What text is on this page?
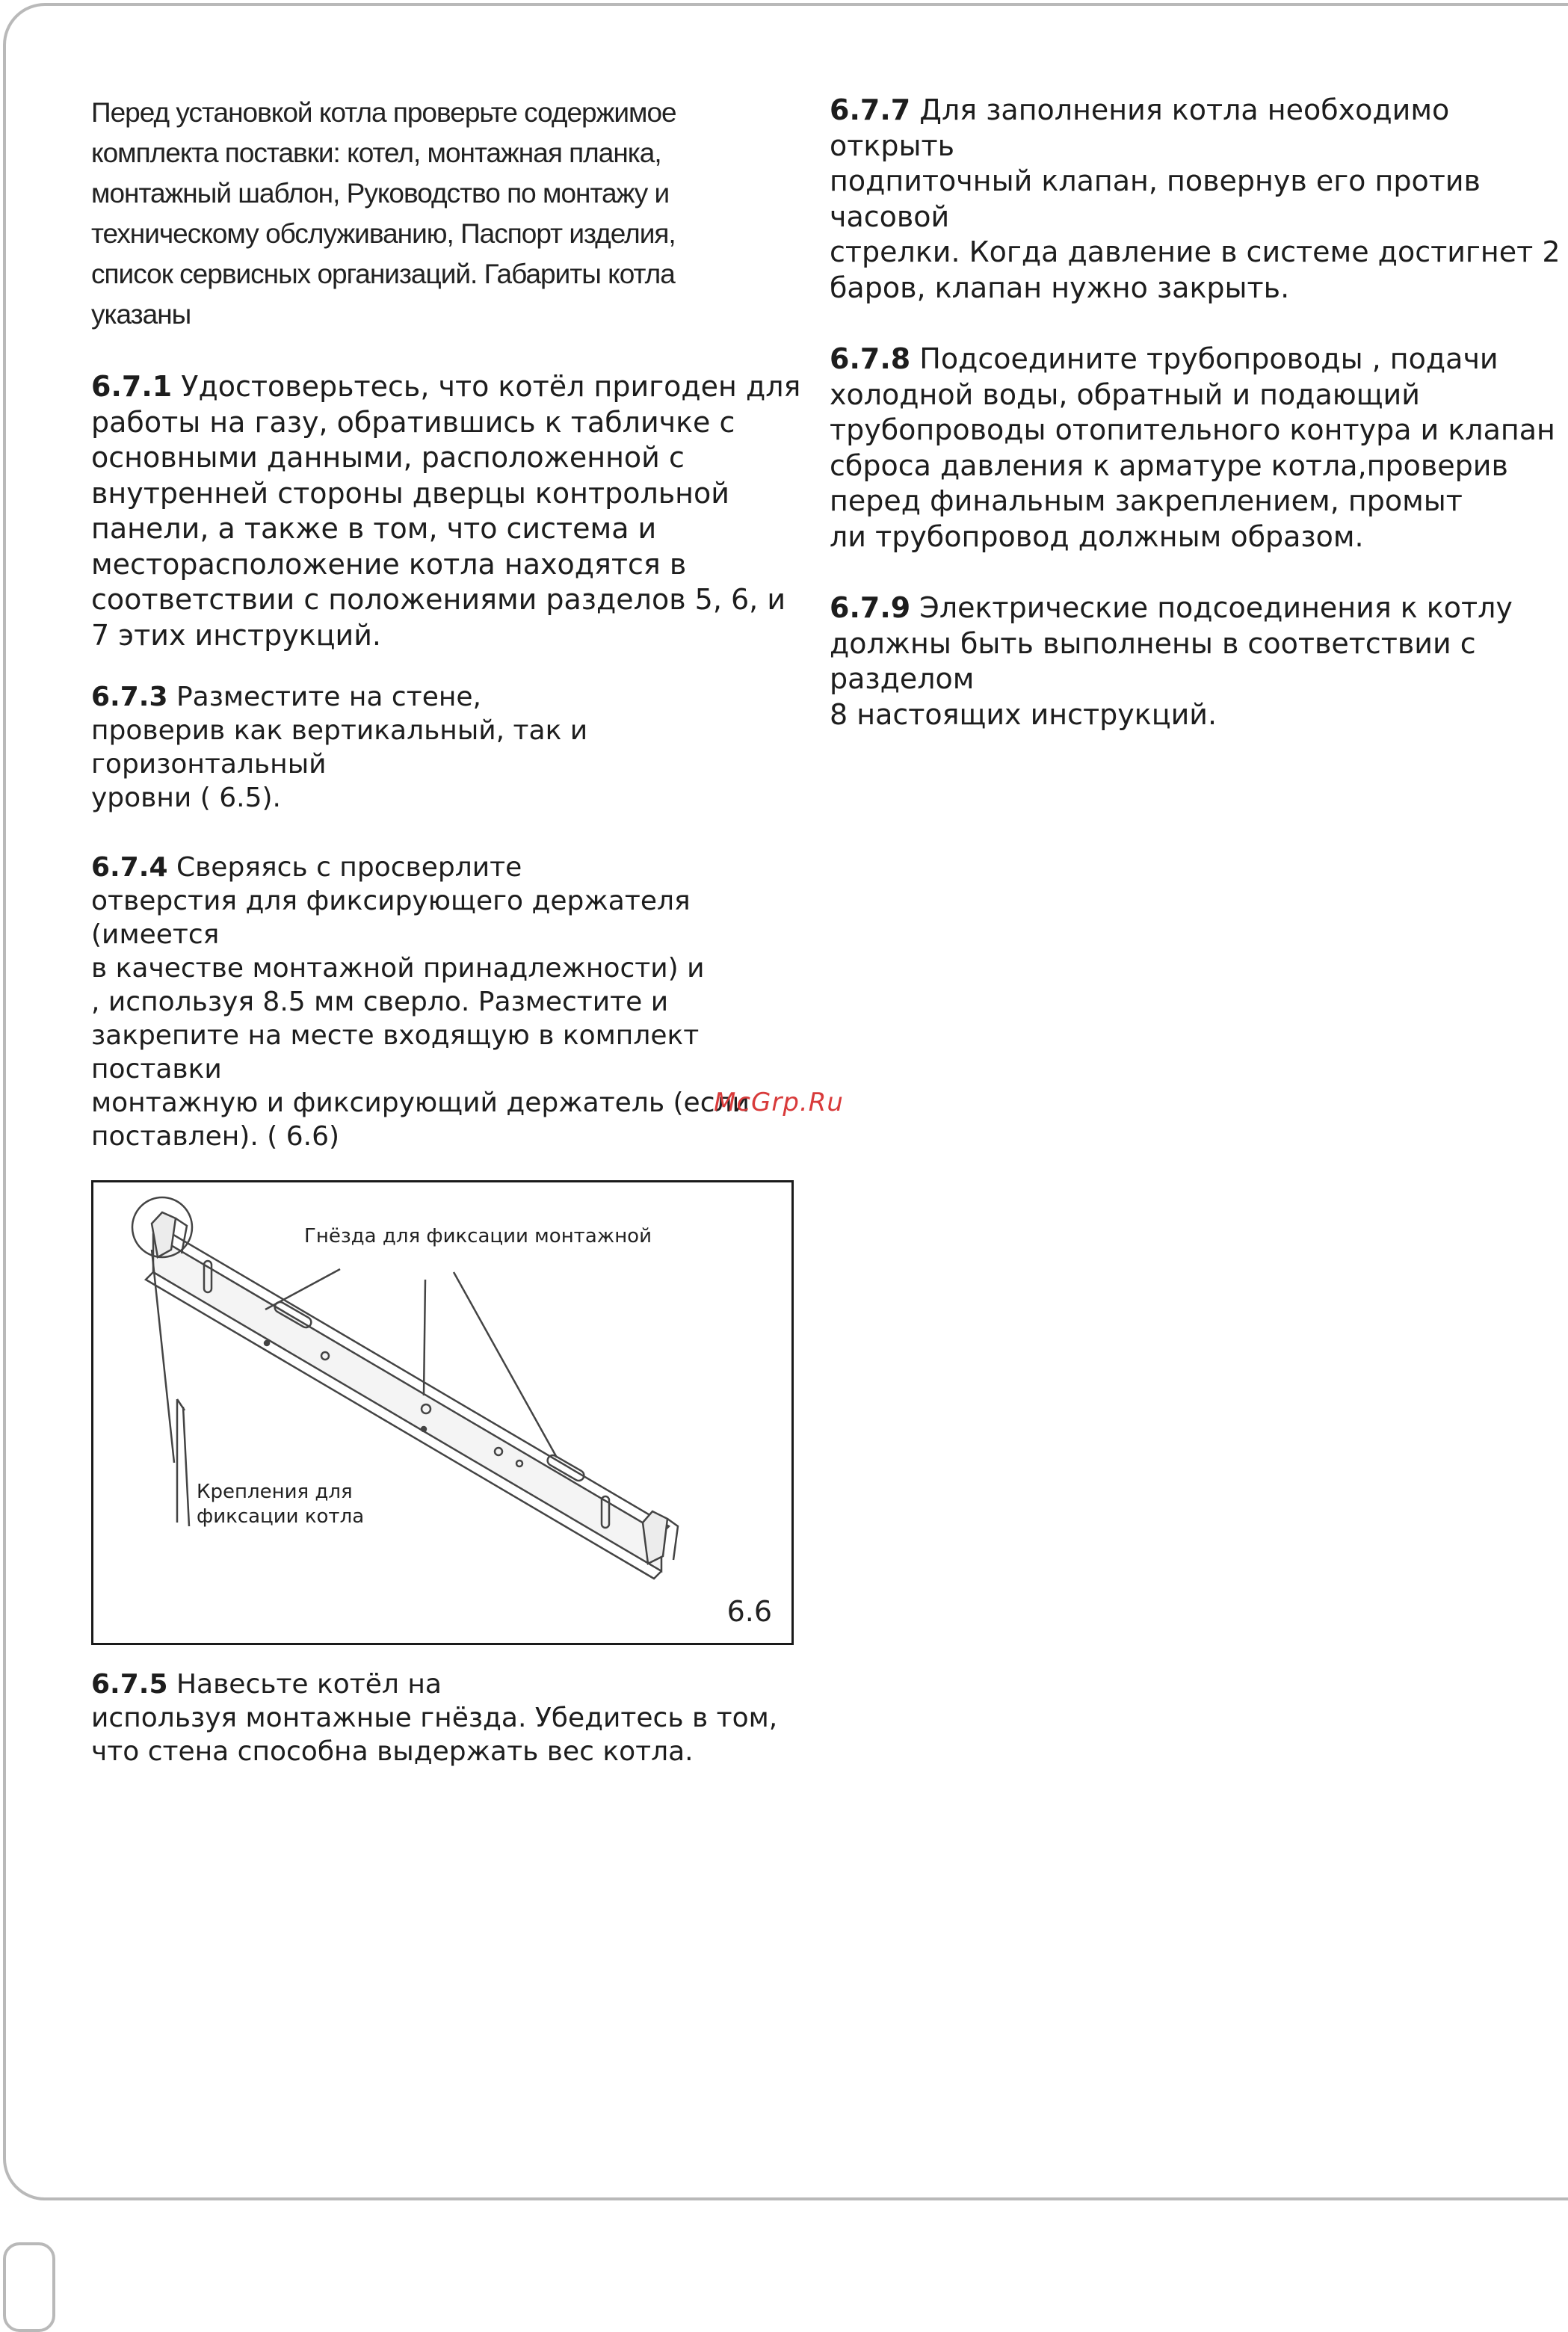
Перед установкой котла проверьте содержимое
комплекта поставки: котел, монтажная планка,
монтажный шаблон, Руководство по монтажу и
техническому обслуживанию, Паспорт изделия,
список сервисных организаций. Габариты котла
указаны

6.7.1 Удостоверьтесь, что котёл пригоден для
работы на газу, обратившись к табличке с
основными данными, расположенной с
внутренней стороны дверцы контрольной
панели, а также в том, что система и
месторасположение котла находятся в
соответствии с положениями разделов 5, 6, и
7 этих инструкций.

6.7.3 Разместите на стене,
проверив как вертикальный, так и горизонтальный
уровни ( 6.5).

6.7.4 Сверяясь с просверлите
отверстия для фиксирующего держателя (имеется
в качестве монтажной принадлежности) и
, используя 8.5 мм сверло. Разместите и
закрепите на месте входящую в комплект поставки
монтажную и фиксирующий держатель (если
поставлен). ( 6.6)

Гнёзда для фиксации монтажной
Крепления для
фиксации котла
6.6

6.7.5 Навесьте котёл на
используя монтажные гнёзда. Убедитесь в том,
что стена способна выдержать вес котла.

6.7.7 Для заполнения котла необходимо открыть
подпиточный клапан, повернув его против часовой
стрелки. Когда давление в системе достигнет 2
баров, клапан нужно закрыть.

6.7.8 Подсоедините трубопроводы , подачи
холодной воды, обратный и подающий
трубопроводы отопительного контура и клапан
сброса давления к арматуре котла,проверив
перед финальным закреплением, промыт
ли трубопровод должным образом.

6.7.9 Электрические подсоединения к котлу
должны быть выполнены в соответствии с разделом
8 настоящих инструкций.

McGrp.Ru
